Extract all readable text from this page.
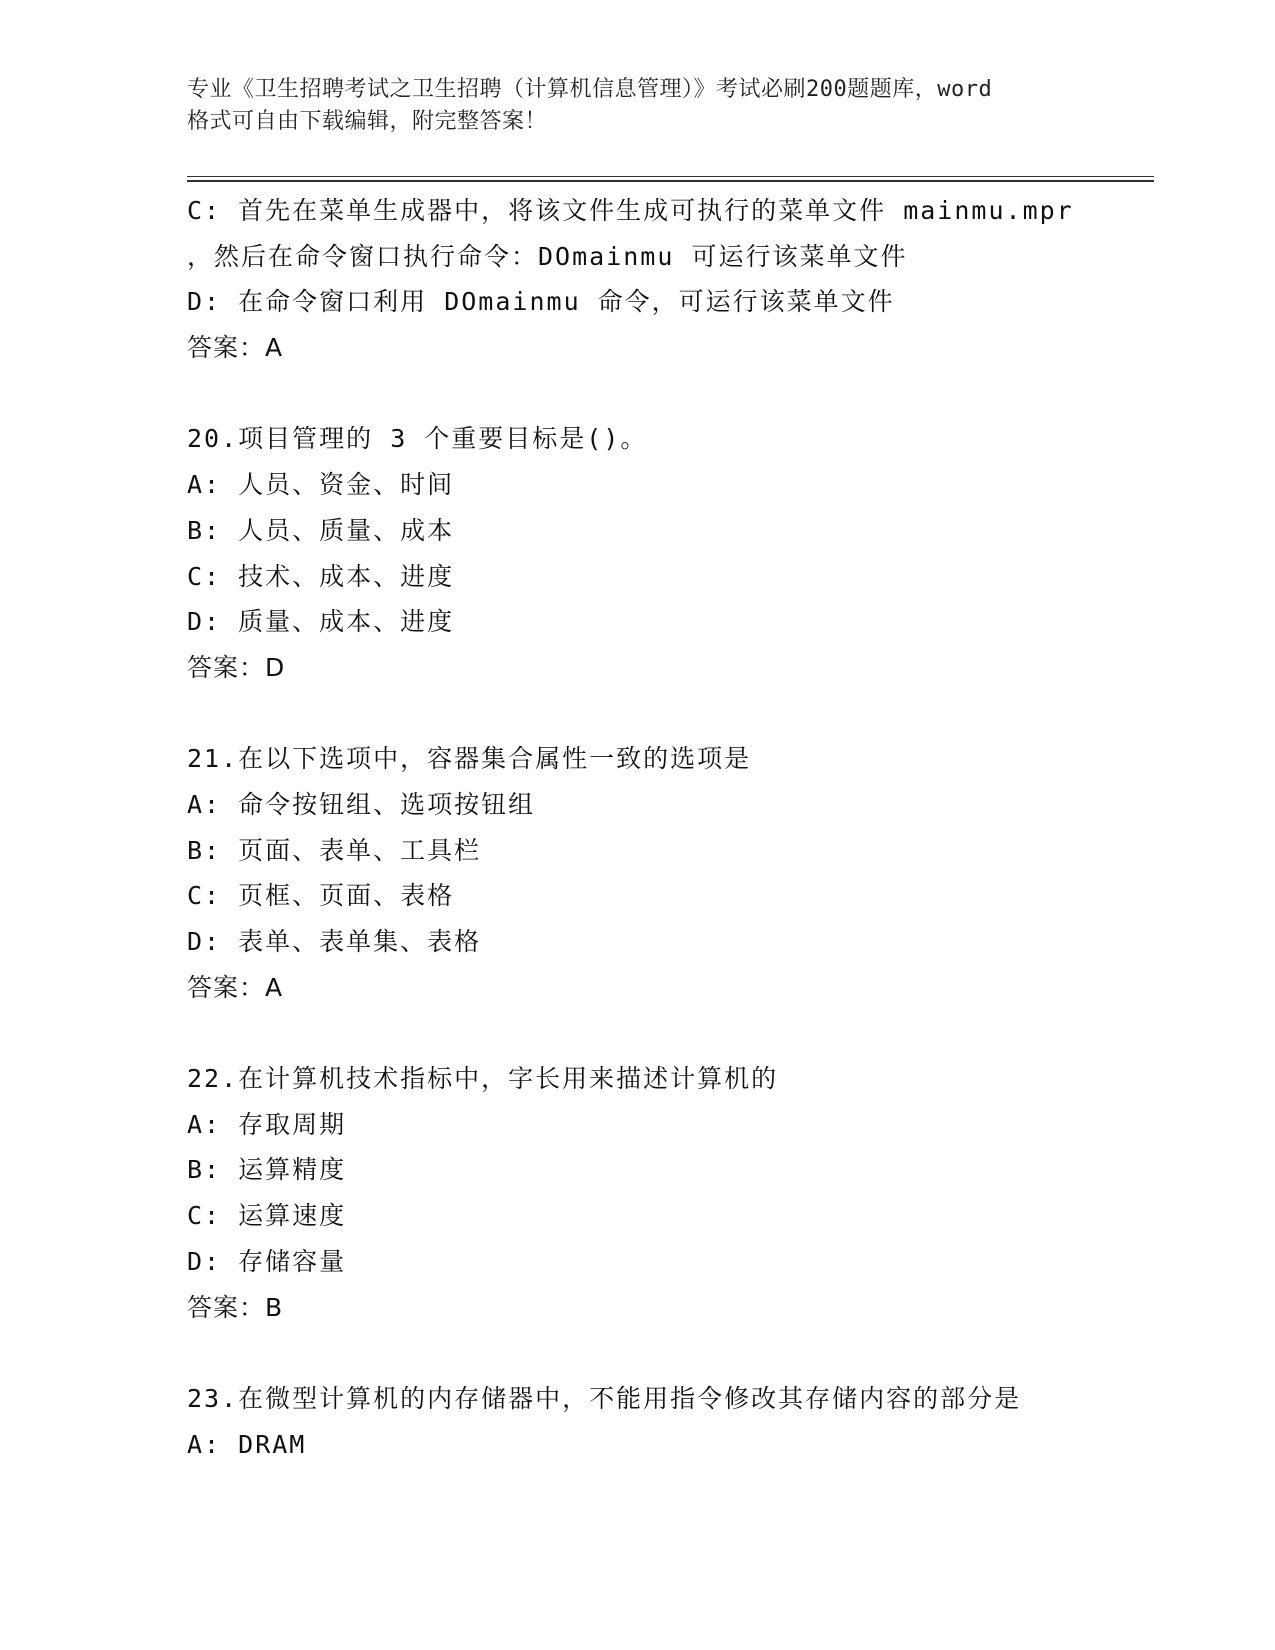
专业《卫生招聘考试之卫生招聘（计算机信息管理）》考试必刷200题题库，word
格式可自由下载编辑，附完整答案！
C: 首先在菜单生成器中，将该文件生成可执行的菜单文件 mainmu.mpr
，然后在命令窗口执行命令：DOmainmu 可运行该菜单文件
D: 在命令窗口利用 DOmainmu 命令，可运行该菜单文件
答案：A
20.项目管理的 3 个重要目标是()。
A: 人员、资金、时间
B: 人员、质量、成本
C: 技术、成本、进度
D: 质量、成本、进度
答案：D
21.在以下选项中，容器集合属性一致的选项是
A: 命令按钮组、选项按钮组
B: 页面、表单、工具栏
C: 页框、页面、表格
D: 表单、表单集、表格
答案：A
22.在计算机技术指标中，字长用来描述计算机的
A: 存取周期
B: 运算精度
C: 运算速度
D: 存储容量
答案：B
23.在微型计算机的内存储器中，不能用指令修改其存储内容的部分是
A: DRAM
